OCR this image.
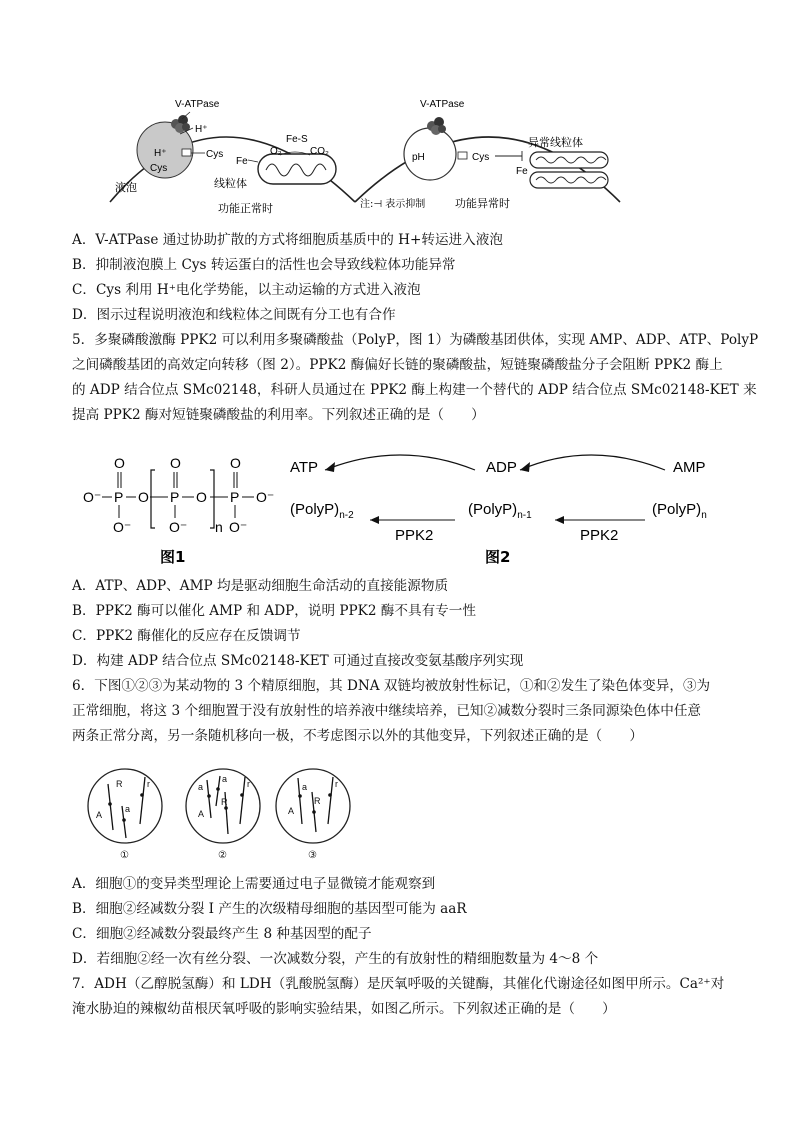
V-ATPase
H⁺
H⁺
Cys
Cys
液泡
Fe-S
O₂	CO₂
Fe
线粒体
功能正常时
V-ATPase
pH	Cys
异常线粒体
Fe
注:⊣ 表示抑制	功能异常时
A．V-ATPase 通过协助扩散的方式将细胞质基质中的 H+转运进入液泡
B．抑制液泡膜上 Cys 转运蛋白的活性也会导致线粒体功能异常
C．Cys 利用 H⁺电化学势能，以主动运输的方式进入液泡
D．图示过程说明液泡和线粒体之间既有分工也有合作
5．多聚磷酸激酶 PPK2 可以利用多聚磷酸盐（PolyP，图 1）为磷酸基团供体，实现 AMP、ADP、ATP、PolyP
之间磷酸基团的高效定向转移（图 2）。PPK2 酶偏好长链的聚磷酸盐，短链聚磷酸盐分子会阻断 PPK2 酶上
的 ADP 结合位点 SMc02148，科研人员通过在 PPK2 酶上构建一个替代的 ADP 结合位点 SMc02148-KET 来
提高 PPK2 酶对短链聚磷酸盐的利用率。下列叙述正确的是（　　）
O⁻ P
O
O⁻
O P
O
O⁻
O
n
P
O
O⁻
O⁻
图1
ATP	ADP	AMP
$(PolyP)_{n-2}$	$(PolyP)_{n-1}$	$(PolyP)_n$
PPK2	PPK2
图2
A．ATP、ADP、AMP 均是驱动细胞生命活动的直接能源物质
B．PPK2 酶可以催化 AMP 和 ADP，说明 PPK2 酶不具有专一性
C．PPK2 酶催化的反应存在反馈调节
D．构建 ADP 结合位点 SMc02148-KET 可通过直接改变氨基酸序列实现
6．下图①②③为某动物的 3 个精原细胞，其 DNA 双链均被放射性标记，①和②发生了染色体变异，③为
正常细胞，将这 3 个细胞置于没有放射性的培养液中继续培养，已知②减数分裂时三条同源染色体中任意
两条正常分离，另一条随机移向一极，不考虑图示以外的其他变异，下列叙述正确的是（　　）
R	r
a
A
①
a
a
R
r
A
②
a
R
r
A
③
A．细胞①的变异类型理论上需要通过电子显微镜才能观察到
B．细胞②经减数分裂 I 产生的次级精母细胞的基因型可能为 aaR
C．细胞②经减数分裂最终产生 8 种基因型的配子
D．若细胞②经一次有丝分裂、一次减数分裂，产生的有放射性的精细胞数量为 4～8 个
7．ADH（乙醇脱氢酶）和 LDH（乳酸脱氢酶）是厌氧呼吸的关键酶，其催化代谢途径如图甲所示。Ca²⁺对
淹水胁迫的辣椒幼苗根厌氧呼吸的影响实验结果，如图乙所示。下列叙述正确的是（　　）
